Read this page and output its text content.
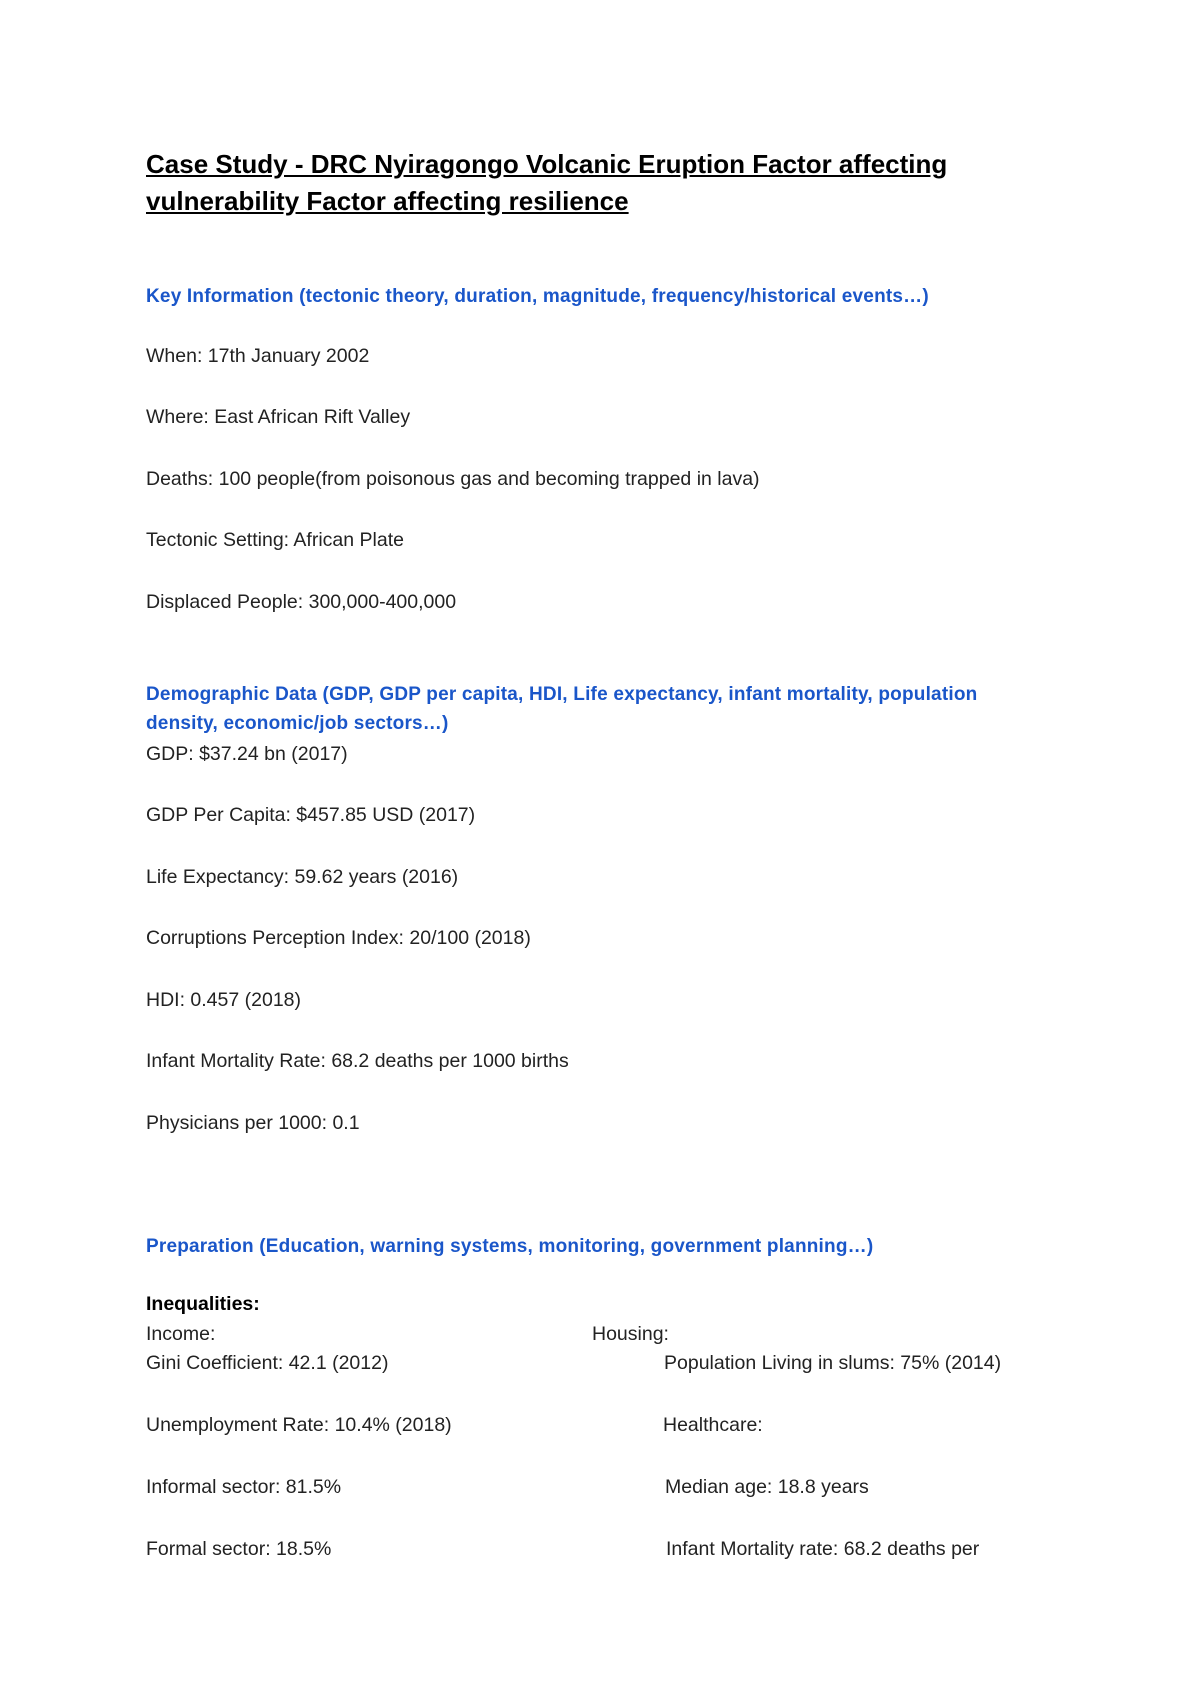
Case Study - DRC Nyiragongo Volcanic Eruption Factor affecting vulnerability Factor affecting resilience
Key Information (tectonic theory, duration, magnitude, frequency/historical events…)

When: 17th January 2002

Where: East African Rift Valley

Deaths: 100 people(from poisonous gas and becoming trapped in lava)

Tectonic Setting: African Plate

Displaced People: 300,000-400,000

Demographic Data (GDP, GDP per capita, HDI, Life expectancy, infant mortality, population density, economic/job sectors…)

GDP: $37.24 bn (2017)

GDP Per Capita: $457.85 USD (2017)

Life Expectancy: 59.62 years (2016)

Corruptions Perception Index: 20/100 (2018)

HDI: 0.457 (2018)

Infant Mortality Rate: 68.2 deaths per 1000 births

Physicians per 1000: 0.1

Preparation (Education, warning systems, monitoring, government planning…)

Inequalities:

Income:	Housing:

Gini Coefficient: 42.1 (2012)	Population Living in slums: 75% (2014)

Unemployment Rate: 10.4% (2018)	Healthcare:

Informal sector: 81.5%	Median age: 18.8 years

Formal sector: 18.5%	Infant Mortality rate: 68.2 deaths per
